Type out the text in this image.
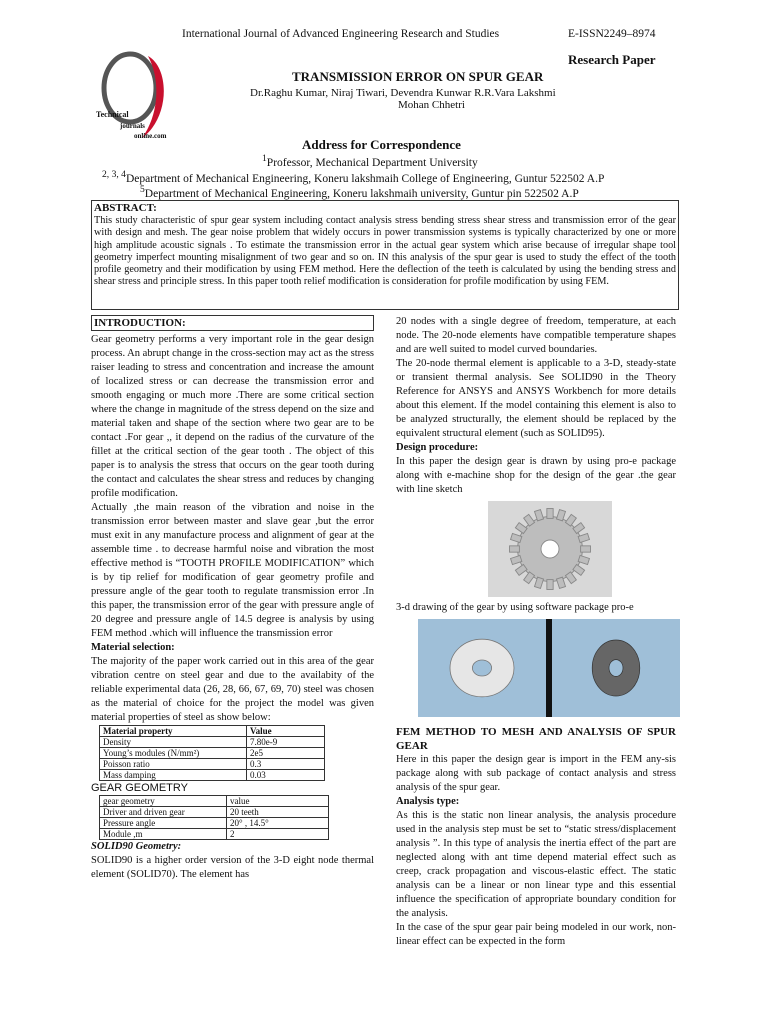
International Journal of Advanced Engineering Research and Studies	E-ISSN2249–8974
Technical
journals
online.com
Research Paper
TRANSMISSION ERROR ON SPUR GEAR
Dr.Raghu Kumar, Niraj Tiwari, Devendra Kunwar R.R.Vara Lakshmi
Mohan Chhetri
Address for Correspondence
$^1$Professor, Mechanical Department University
$^{2, 3, 4}$Department of Mechanical Engineering, Koneru lakshmaih College of Engineering, Guntur 522502 A.P
$^5$Department of Mechanical Engineering, Koneru lakshmaih university, Guntur pin 522502 A.P
ABSTRACT:
This study characteristic of spur gear system including contact analysis stress bending stress shear stress and transmission error of the gear with design and mesh. The gear noise problem that widely occurs in power transmission systems is typically characterized by one or more high amplitude acoustic signals . To estimate the transmission error in the actual gear system which arise because of irregular shape tool geometry imperfect mounting misalignment of two gear and so on. IN this analysis of the spur gear is used to study the effect of the tooth profile geometry and their modification by using FEM method. Here the deflection of the teeth is calculated by using the bending stress and shear stress and principle stress. In this paper tooth relief modification is consideration for profile modification by using FEM.
INTRODUCTION:

Gear geometry performs a very important role in the gear design process. An abrupt change in the cross-section may act as the stress raiser leading to stress and concentration and increase the amount of localized stress or can decrease the transmission error and smooth engaging or much more .There are some critical section where the change in magnitude of the stress depend on the size and material taken and shape of the section where two gear are to be contact .For gear ,, it depend on the radius of the curvature of the fillet at the critical section of the gear tooth . The object of this paper is to analysis the stress that occurs on the gear tooth during the contact and calculates the shear stress and reduces by changing profile modification.

Actually ,the main reason of the vibration and noise in the transmission error between master and slave gear ,but the error must exit in any manufacture process and alignment of gear at the assemble time . to decrease harmful noise and vibration the most effective method is “TOOTH PROFILE MODIFICATION” which is by tip relief for modification of gear geometry profile and pressure angle of the gear tooth to regulate transmission error .In this paper, the transmission error of the gear with pressure angle of 20 degree and pressure angle of 14.5 degree is analysis by using FEM method .which will influence the transmission error

Material selection:

The majority of the paper work carried out in this area of the gear vibration centre on steel gear and due to the availabity of the reliable experimental data (26, 28, 66, 67, 69, 70) steel was chosen as the material of choice for the project the model was given material properties of steel as show below:

Material property	Value
Density	7.80e-9
Young’s modules (N/mm²)	2e5
Poisson ratio	0.3
Mass damping	0.03
GEAR GEOMETRY
gear geometry	value
Driver and driven gear	20 teeth
Pressure angle	20° , 14.5°
Module ,m	2

SOLID90 Geometry:

SOLID90 is a higher order version of the 3-D eight node thermal element (SOLID70). The element has

20 nodes with a single degree of freedom, temperature, at each node. The 20-node elements have compatible temperature shapes and are well suited to model curved boundaries.

The 20-node thermal element is applicable to a 3-D, steady-state or transient thermal analysis. See SOLID90 in the Theory Reference for ANSYS and ANSYS Workbench for more details about this element. If the model containing this element is also to be analyzed structurally, the element should be replaced by the equivalent structural element (such as SOLID95).

Design procedure:

In this paper the design gear is drawn by using pro-e package along with e-machine shop for the design of the gear .the gear with line sketch

3-d drawing of the gear by using software package pro-e

FEM METHOD TO MESH AND ANALYSIS OF SPUR GEAR

Here in this paper the design gear is import in the FEM any-sis package along with sub package of contact analysis and stress analysis of the spur gear.

Analysis type:

As this is the static non linear analysis, the analysis procedure used in the analysis step must be set to “static stress/displacement analysis ”. In this type of analysis the inertia effect of the part are neglected along with ant time depend material effect such as creep, crack propagation and viscous-elastic effect. The static analysis can be a linear or non linear type and this essential influence the specification of appropriate boundary condition for the analysis.

In the case of the spur gear pair being modeled in our work, non- linear effect can be expected in the form
